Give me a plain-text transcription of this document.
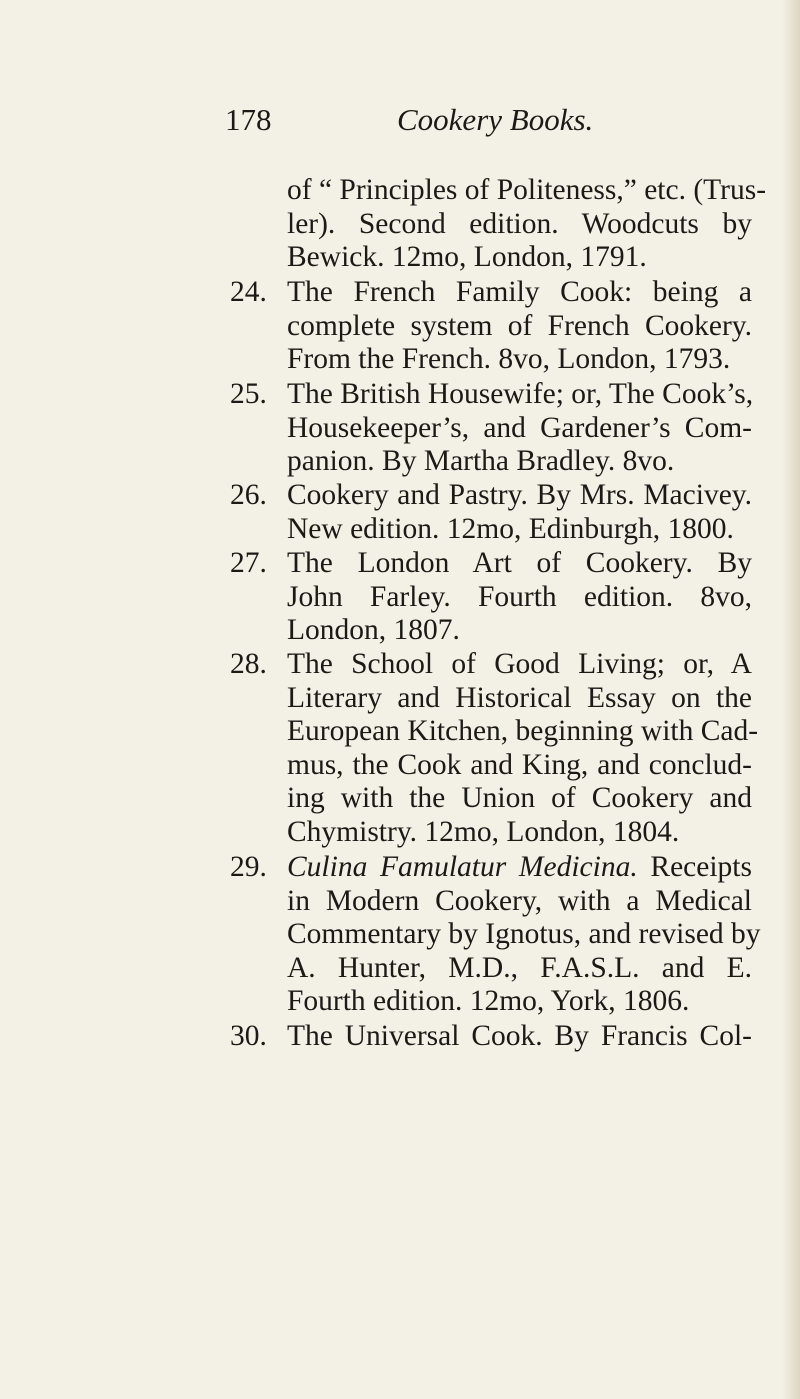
178	Cookery Books.
of “ Principles of Politeness,” etc. (Trus-
ler). Second edition. Woodcuts by
Bewick. 12mo, London, 1791.
24. The French Family Cook: being a
complete system of French Cookery.
From the French. 8vo, London, 1793.
25. The British Housewife; or, The Cook’s,
Housekeeper’s, and Gardener’s Com-
panion. By Martha Bradley. 8vo.
26. Cookery and Pastry. By Mrs. Macivey.
New edition. 12mo, Edinburgh, 1800.
27. The London Art of Cookery. By
John Farley. Fourth edition. 8vo,
London, 1807.
28. The School of Good Living; or, A
Literary and Historical Essay on the
European Kitchen, beginning with Cad-
mus, the Cook and King, and conclud-
ing with the Union of Cookery and
Chymistry. 12mo, London, 1804.
29. Culina Famulatur Medicina. Receipts
in Modern Cookery, with a Medical
Commentary by Ignotus, and revised by
A. Hunter, M.D., F.A.S.L. and E.
Fourth edition. 12mo, York, 1806.
30. The Universal Cook. By Francis Col-
